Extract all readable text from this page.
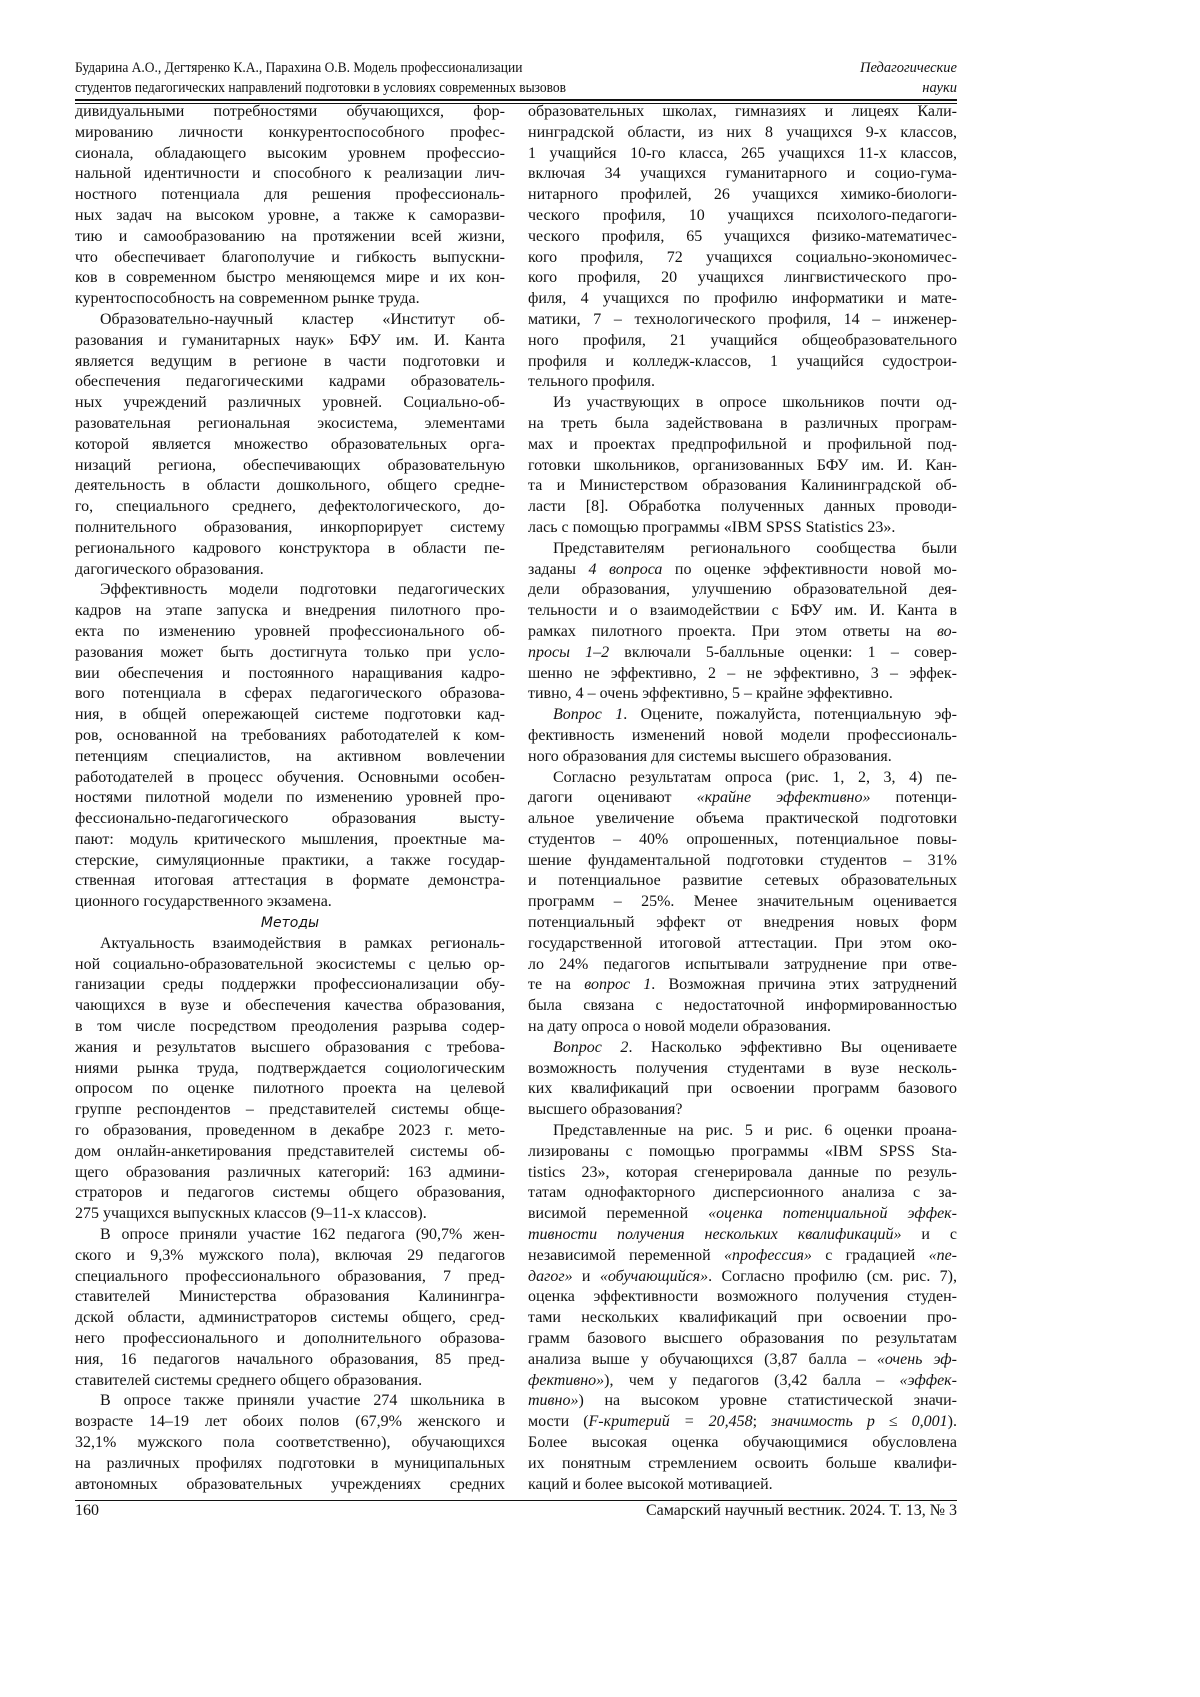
Бударина А.О., Дегтяренко К.А., Парахина О.В. Модель профессионализации
студентов педагогических направлений подготовки в условиях современных вызовов
Педагогические
науки
дивидуальными потребностями обучающихся, фор-
мированию личности конкурентоспособного профес-
сионала, обладающего высоким уровнем профессио-
нальной идентичности и способного к реализации лич-
ностного потенциала для решения профессиональ-
ных задач на высоком уровне, а также к саморазви-
тию и самообразованию на протяжении всей жизни,
что обеспечивает благополучие и гибкость выпускни-
ков в современном быстро меняющемся мире и их кон-
курентоспособность на современном рынке труда.
Образовательно-научный кластер «Институт об-
разования и гуманитарных наук» БФУ им. И. Канта
является ведущим в регионе в части подготовки и
обеспечения педагогическими кадрами образователь-
ных учреждений различных уровней. Социально-об-
разовательная региональная экосистема, элементами
которой является множество образовательных орга-
низаций региона, обеспечивающих образовательную
деятельность в области дошкольного, общего средне-
го, специального среднего, дефектологического, до-
полнительного образования, инкорпорирует систему
регионального кадрового конструктора в области пе-
дагогического образования.
Эффективность модели подготовки педагогических
кадров на этапе запуска и внедрения пилотного про-
екта по изменению уровней профессионального об-
разования может быть достигнута только при усло-
вии обеспечения и постоянного наращивания кадро-
вого потенциала в сферах педагогического образова-
ния, в общей опережающей системе подготовки кад-
ров, основанной на требованиях работодателей к ком-
петенциям специалистов, на активном вовлечении
работодателей в процесс обучения. Основными особен-
ностями пилотной модели по изменению уровней про-
фессионально-педагогического образования высту-
пают: модуль критического мышления, проектные ма-
стерские, симуляционные практики, а также государ-
ственная итоговая аттестация в формате демонстра-
ционного государственного экзамена.
Методы
Актуальность взаимодействия в рамках региональ-
ной социально-образовательной экосистемы с целью ор-
ганизации среды поддержки профессионализации обу-
чающихся в вузе и обеспечения качества образования,
в том числе посредством преодоления разрыва содер-
жания и результатов высшего образования с требова-
ниями рынка труда, подтверждается социологическим
опросом по оценке пилотного проекта на целевой
группе респондентов – представителей системы обще-
го образования, проведенном в декабре 2023 г. мето-
дом онлайн-анкетирования представителей системы об-
щего образования различных категорий: 163 админи-
страторов и педагогов системы общего образования,
275 учащихся выпускных классов (9–11-х классов).
В опросе приняли участие 162 педагога (90,7% жен-
ского и 9,3% мужского пола), включая 29 педагогов
специального профессионального образования, 7 пред-
ставителей Министерства образования Калинингра-
дской области, администраторов системы общего, сред-
него профессионального и дополнительного образова-
ния, 16 педагогов начального образования, 85 пред-
ставителей системы среднего общего образования.
В опросе также приняли участие 274 школьника в
возрасте 14–19 лет обоих полов (67,9% женского и
32,1% мужского пола соответственно), обучающихся
на различных профилях подготовки в муниципальных
автономных образовательных учреждениях средних
образовательных школах, гимназиях и лицеях Кали-
нинградской области, из них 8 учащихся 9-х классов,
1 учащийся 10-го класса, 265 учащихся 11-х классов,
включая 34 учащихся гуманитарного и социо-гума-
нитарного профилей, 26 учащихся химико-биологи-
ческого профиля, 10 учащихся психолого-педагоги-
ческого профиля, 65 учащихся физико-математичес-
кого профиля, 72 учащихся социально-экономичес-
кого профиля, 20 учащихся лингвистического про-
филя, 4 учащихся по профилю информатики и мате-
матики, 7 – технологического профиля, 14 – инженер-
ного профиля, 21 учащийся общеобразовательного
профиля и колледж-классов, 1 учащийся судострои-
тельного профиля.
Из участвующих в опросе школьников почти од-
на треть была задействована в различных програм-
мах и проектах предпрофильной и профильной под-
готовки школьников, организованных БФУ им. И. Кан-
та и Министерством образования Калининградской об-
ласти [8]. Обработка полученных данных проводи-
лась с помощью программы «IBM SPSS Statistics 23».
Представителям регионального сообщества были
заданы 4 вопроса по оценке эффективности новой мо-
дели образования, улучшению образовательной дея-
тельности и о взаимодействии с БФУ им. И. Канта в
рамках пилотного проекта. При этом ответы на во-
просы 1–2 включали 5-балльные оценки: 1 – совер-
шенно не эффективно, 2 – не эффективно, 3 – эффек-
тивно, 4 – очень эффективно, 5 – крайне эффективно.
Вопрос 1. Оцените, пожалуйста, потенциальную эф-
фективность изменений новой модели профессиональ-
ного образования для системы высшего образования.
Согласно результатам опроса (рис. 1, 2, 3, 4) пе-
дагоги оценивают «крайне эффективно» потенци-
альное увеличение объема практической подготовки
студентов – 40% опрошенных, потенциальное повы-
шение фундаментальной подготовки студентов – 31%
и потенциальное развитие сетевых образовательных
программ – 25%. Менее значительным оценивается
потенциальный эффект от внедрения новых форм
государственной итоговой аттестации. При этом око-
ло 24% педагогов испытывали затруднение при отве-
те на вопрос 1. Возможная причина этих затруднений
была связана с недостаточной информированностью
на дату опроса о новой модели образования.
Вопрос 2. Насколько эффективно Вы оцениваете
возможность получения студентами в вузе несколь-
ких квалификаций при освоении программ базового
высшего образования?
Представленные на рис. 5 и рис. 6 оценки проана-
лизированы с помощью программы «IBM SPSS Sta-
tistics 23», которая сгенерировала данные по резуль-
татам однофакторного дисперсионного анализа с за-
висимой переменной «оценка потенциальной эффек-
тивности получения нескольких квалификаций» и с
независимой переменной «профессия» с градацией «пе-
дагог» и «обучающийся». Согласно профилю (см. рис. 7),
оценка эффективности возможного получения студен-
тами нескольких квалификаций при освоении про-
грамм базового высшего образования по результатам
анализа выше у обучающихся (3,87 балла – «очень эф-
фективно»), чем у педагогов (3,42 балла – «эффек-
тивно») на высоком уровне статистической значи-
мости (F-критерий = 20,458; значимость p ≤ 0,001).
Более высокая оценка обучающимися обусловлена
их понятным стремлением освоить больше квалифи-
каций и более высокой мотивацией.
160	Самарский научный вестник. 2024. Т. 13, № 3
